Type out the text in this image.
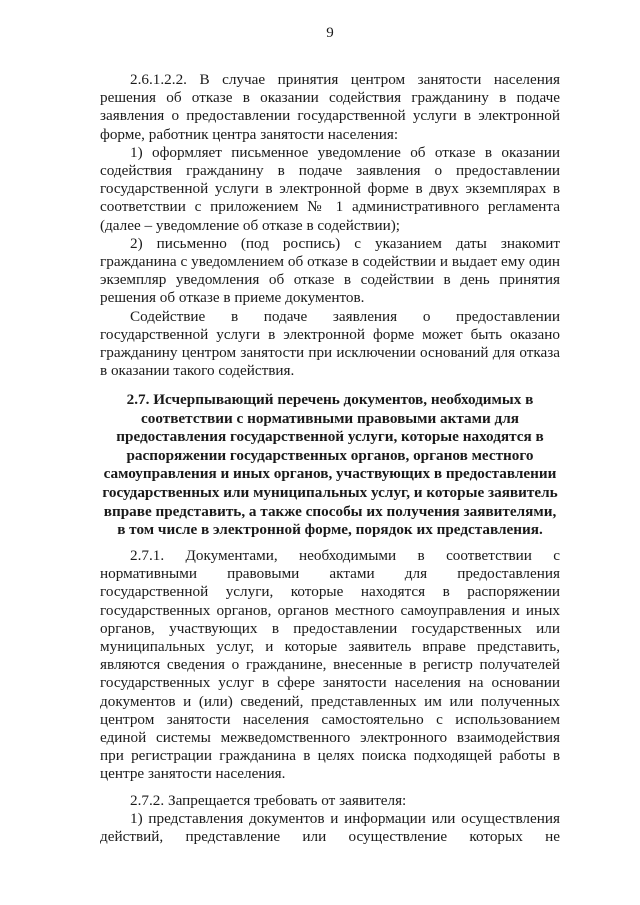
9

2.6.1.2.2. В случае принятия центром занятости населения решения об отказе в оказании содействия гражданину в подаче заявления о предоставлении государственной услуги в электронной форме, работник центра занятости населения:

1) оформляет письменное уведомление об отказе в оказании содействия гражданину в подаче заявления о предоставлении государственной услуги в электронной форме в двух экземплярах в соответствии с приложением № 1 административного регламента (далее – уведомление об отказе в содействии);

2) письменно (под роспись) с указанием даты знакомит гражданина с уведомлением об отказе в содействии и выдает ему один экземпляр уведомления об отказе в содействии в день принятия решения об отказе в приеме документов.

Содействие в подаче заявления о предоставлении государственной услуги в электронной форме может быть оказано гражданину центром занятости при исключении оснований для отказа в оказании такого содействия.

2.7. Исчерпывающий перечень документов, необходимых в соответствии с нормативными правовыми актами для предоставления государственной услуги, которые находятся в распоряжении государственных органов, органов местного самоуправления и иных органов, участвующих в предоставлении государственных или муниципальных услуг, и которые заявитель вправе представить, а также способы их получения заявителями, в том числе в электронной форме, порядок их представления.

2.7.1. Документами, необходимыми в соответствии с нормативными правовыми актами для предоставления государственной услуги, которые находятся в распоряжении государственных органов, органов местного самоуправления и иных органов, участвующих в предоставлении государственных или муниципальных услуг, и которые заявитель вправе представить, являются сведения о гражданине, внесенные в регистр получателей государственных услуг в сфере занятости населения на основании документов и (или) сведений, представленных им или полученных центром занятости населения самостоятельно с использованием единой системы межведомственного электронного взаимодействия при регистрации гражданина в целях поиска подходящей работы в центре занятости населения.

2.7.2. Запрещается требовать от заявителя:

1) представления документов и информации или осуществления действий, представление или осуществление которых не
